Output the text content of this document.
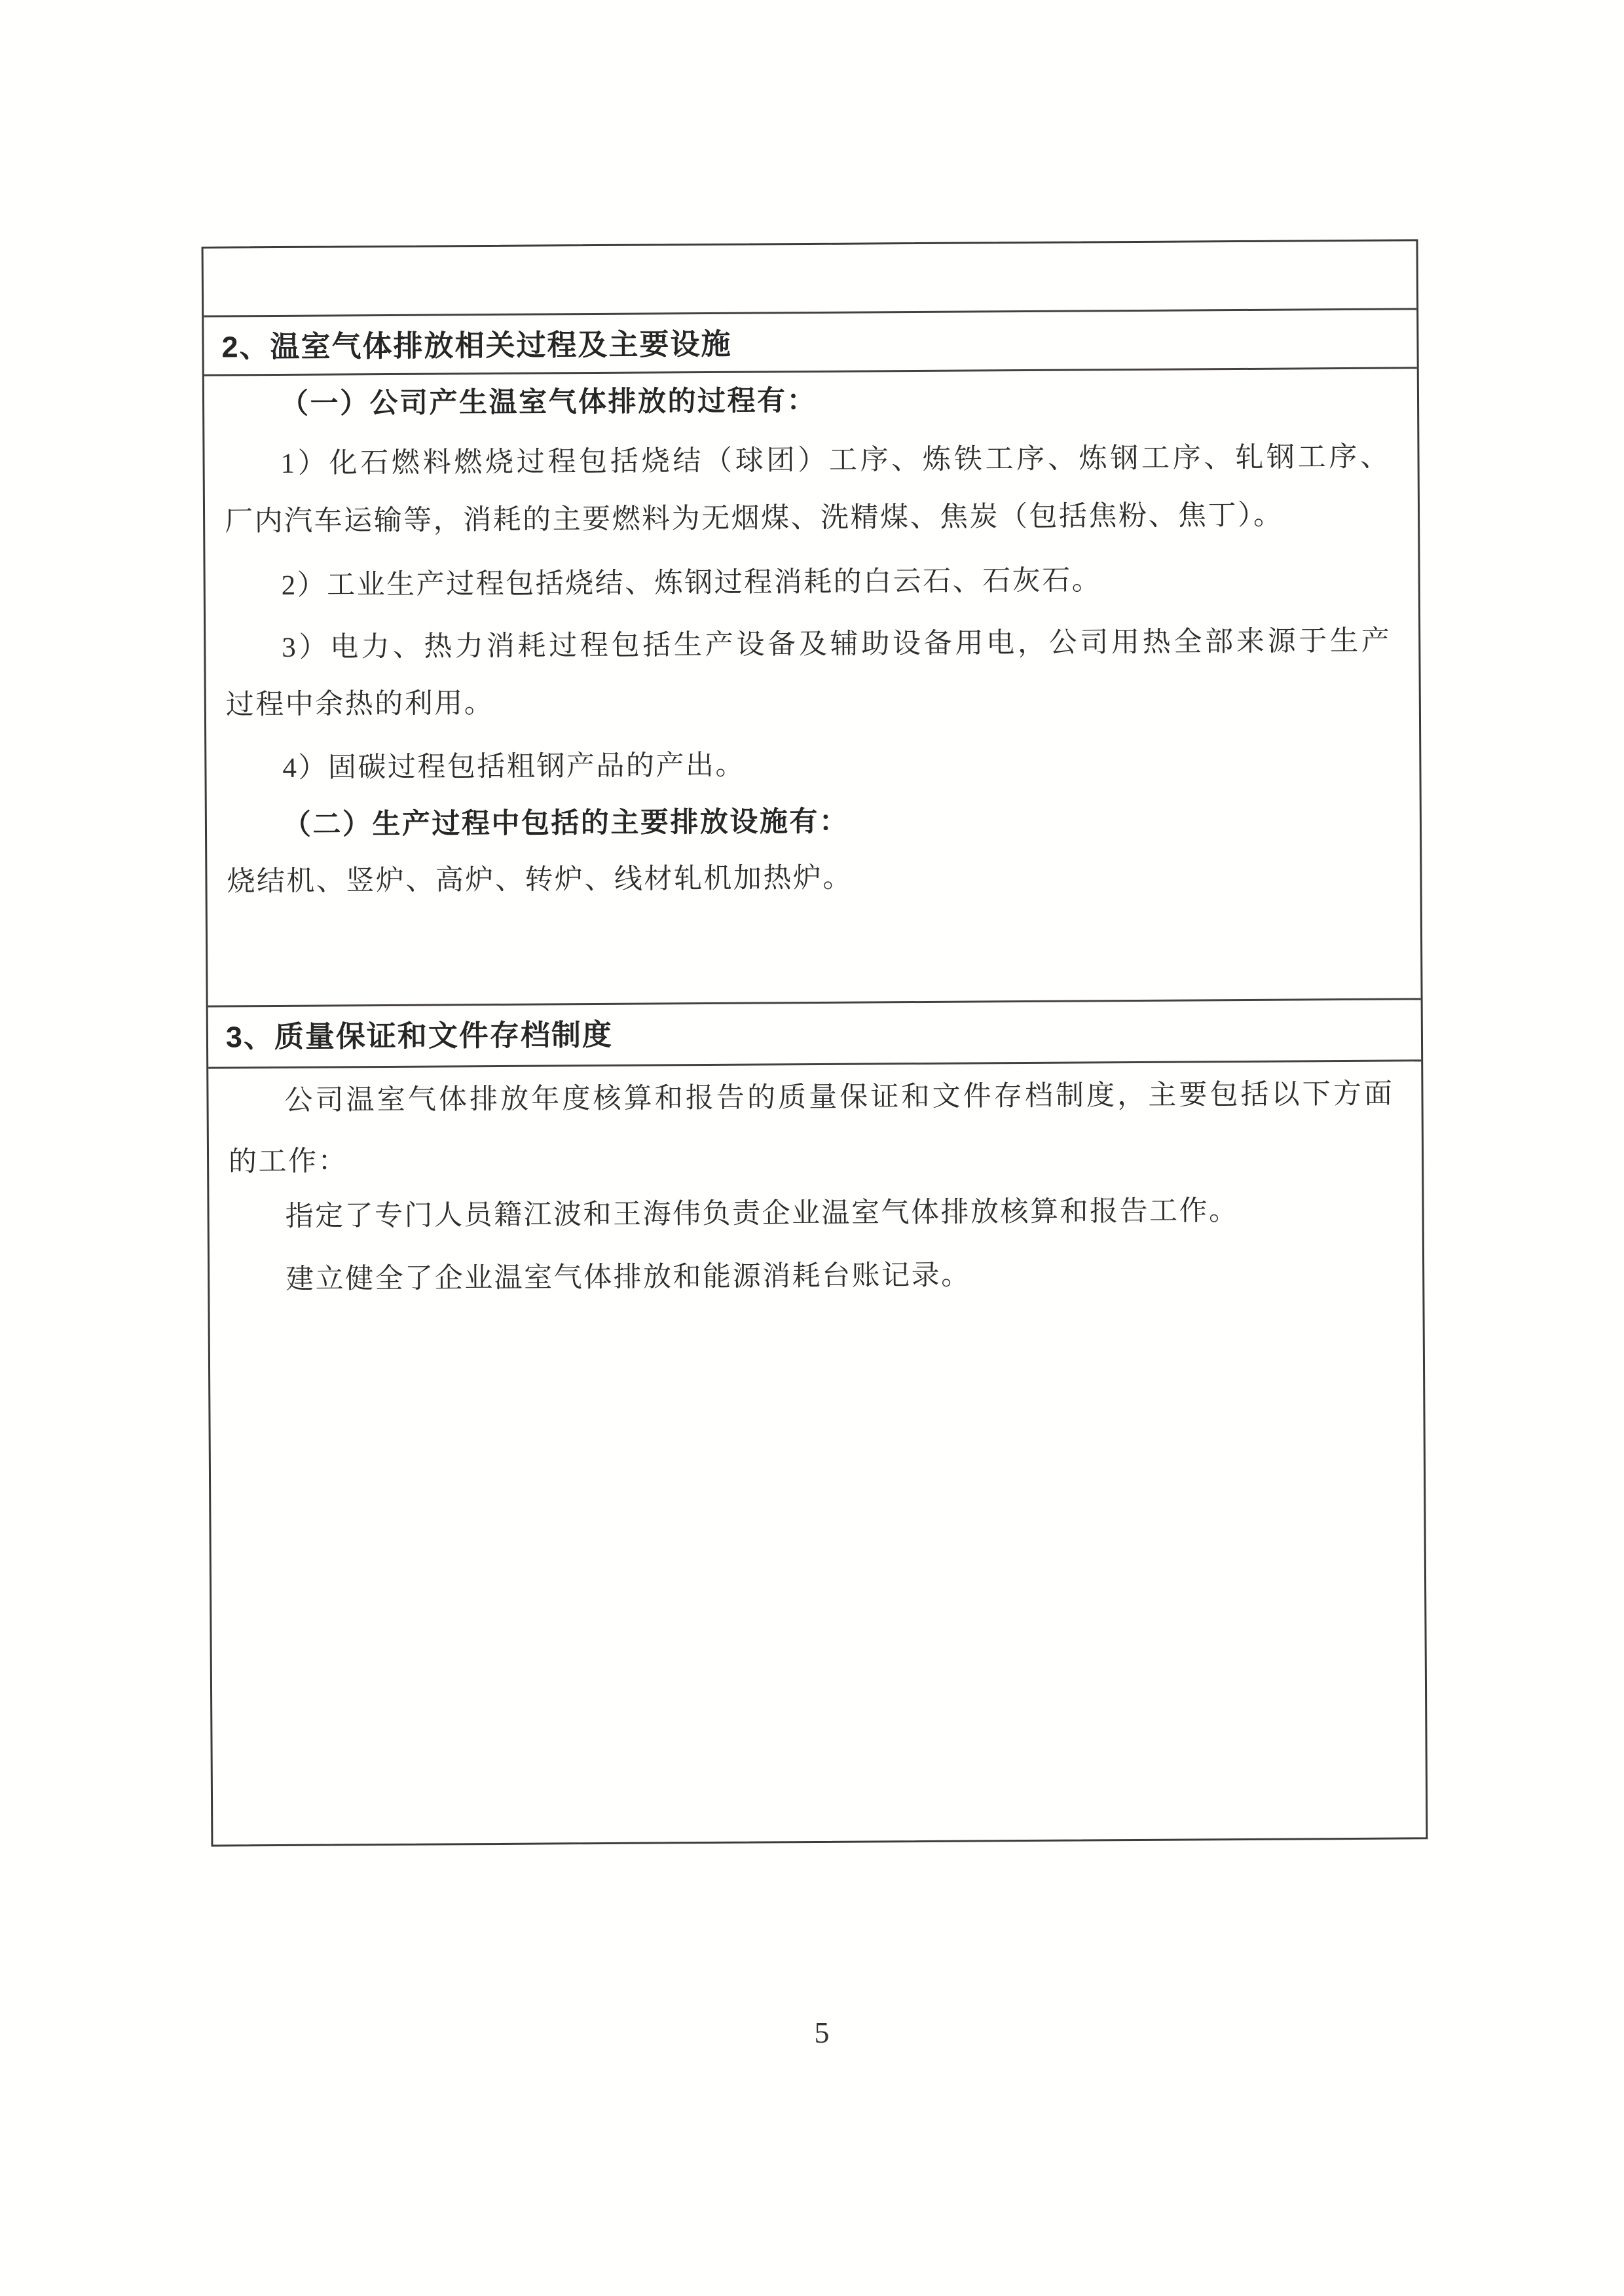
2、温室气体排放相关过程及主要设施
（一）公司产生温室气体排放的过程有：
1）化石燃料燃烧过程包括烧结（球团）工序、炼铁工序、炼钢工序、轧钢工序、
厂内汽车运输等，消耗的主要燃料为无烟煤、洗精煤、焦炭（包括焦粉、焦丁）。
2）工业生产过程包括烧结、炼钢过程消耗的白云石、石灰石。
3）电力、热力消耗过程包括生产设备及辅助设备用电，公司用热全部来源于生产
过程中余热的利用。
4）固碳过程包括粗钢产品的产出。
（二）生产过程中包括的主要排放设施有：
烧结机、竖炉、高炉、转炉、线材轧机加热炉。
3、质量保证和文件存档制度
公司温室气体排放年度核算和报告的质量保证和文件存档制度，主要包括以下方面
的工作：
指定了专门人员籍江波和王海伟负责企业温室气体排放核算和报告工作。
建立健全了企业温室气体排放和能源消耗台账记录。
5
